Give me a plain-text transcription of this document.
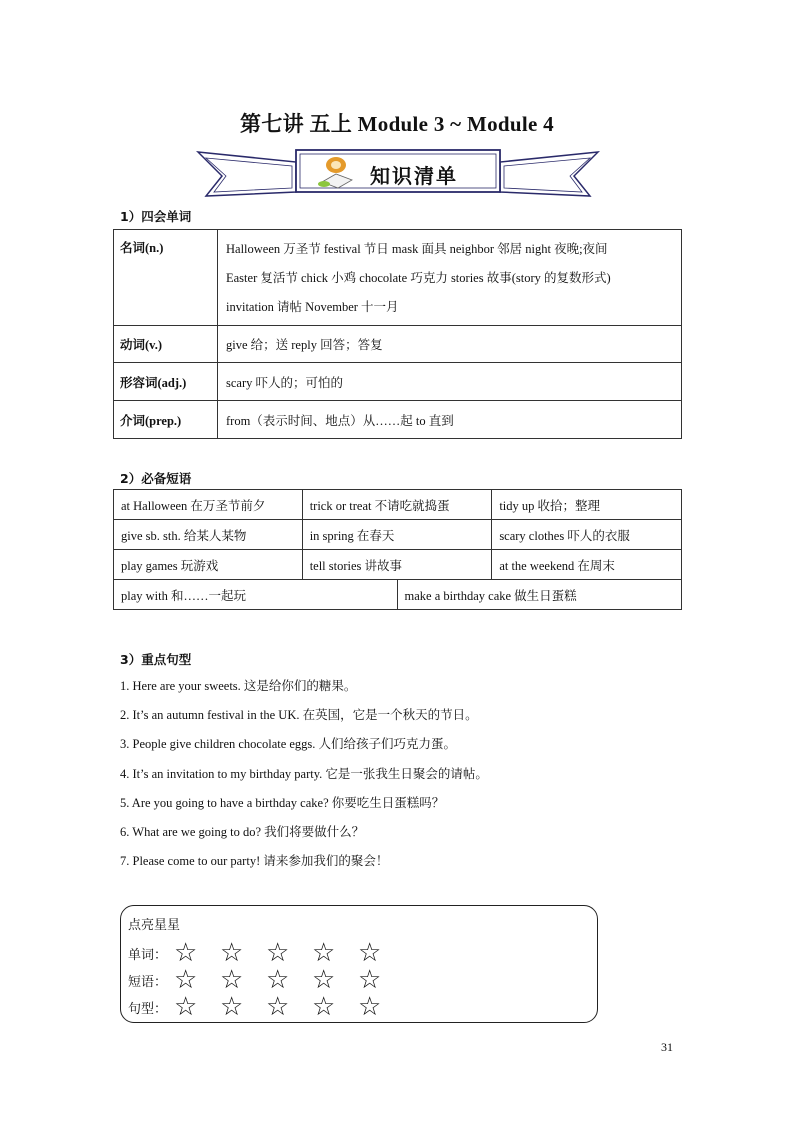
第七讲 五上 Module 3 ~ Module 4
知识清单
1）四会单词
名词(n.)	Halloween 万圣节 festival 节日 mask 面具 neighbor 邻居 night 夜晚;夜间
Easter 复活节 chick 小鸡 chocolate 巧克力 stories 故事(story 的复数形式)
invitation 请帖 November 十一月

动词(v.)	give 给；送 reply 回答；答复
形容词(adj.)	scary 吓人的；可怕的
介词(prep.)	from（表示时间、地点）从……起 to 直到
2）必备短语
at Halloween 在万圣节前夕	trick or treat 不请吃就捣蛋		tidy up 收拾；整理
give sb. sth. 给某人某物	in spring 在春天		scary clothes 吓人的衣服
play games 玩游戏	tell stories 讲故事		at the weekend 在周末
play with 和……一起玩		make a birthday cake 做生日蛋糕	
3）重点句型
1. Here are your sweets. 这是给你们的糖果。
2. It’s an autumn festival in the UK. 在英国，它是一个秋天的节日。
3. People give children chocolate eggs. 人们给孩子们巧克力蛋。
4. It’s an invitation to my birthday party. 它是一张我生日聚会的请帖。
5. Are you going to have a birthday cake? 你要吃生日蛋糕吗？
6. What are we going to do? 我们将要做什么？
7. Please come to our party! 请来参加我们的聚会！
点亮星星
单词： ☆ ☆ ☆ ☆ ☆
短语： ☆ ☆ ☆ ☆ ☆
句型： ☆ ☆ ☆ ☆ ☆
31
